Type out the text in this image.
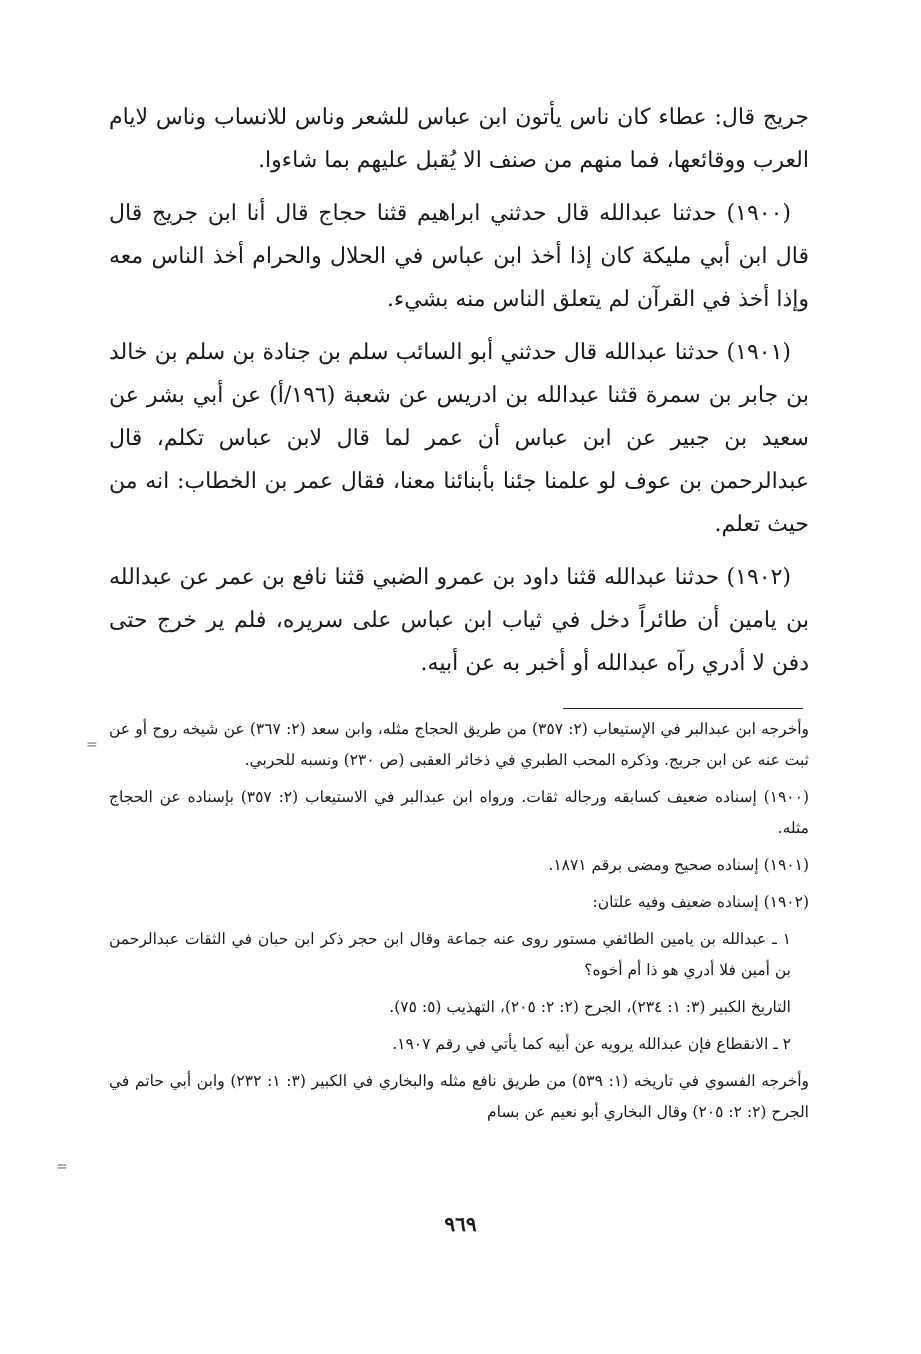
جريج قال: عطاء كان ناس يأتون ابن عباس للشعر وناس للانساب وناس لايام العرب ووقائعها، فما منهم من صنف الا يُقبل عليهم بما شاءوا.

(١٩٠٠) حدثنا عبدالله قال حدثني ابراهيم قثنا حجاج قال أنا ابن جريج قال قال ابن أبي مليكة كان إذا أخذ ابن عباس في الحلال والحرام أخذ الناس معه وإذا أخذ في القرآن لم يتعلق الناس منه بشيء.

(١٩٠١) حدثنا عبدالله قال حدثني أبو السائب سلم بن جنادة بن سلم بن خالد بن جابر بن سمرة قثنا عبدالله بن ادريس عن شعبة (١٩٦/أ) عن أبي بشر عن سعيد بن جبير عن ابن عباس أن عمر لما قال لابن عباس تكلم، قال عبدالرحمن بن عوف لو علمنا جئنا بأبنائنا معنا، فقال عمر بن الخطاب: انه من حيث تعلم.

(١٩٠٢) حدثنا عبدالله قثنا داود بن عمرو الضبي قثنا نافع بن عمر عن عبدالله بن يامين أن طائراً دخل في ثياب ابن عباس على سريره، فلم ير خرج حتى دفن لا أدري رآه عبدالله أو أخبر به عن أبيه.

وأخرجه ابن عبدالبر في الإستيعاب (٢: ٣٥٧) من طريق الحجاج مثله، وابن سعد (٢: ٣٦٧) عن شيخه روح أو عن ثبت عنه عن ابن جريج. وذكره المحب الطبري في ذخائر العقبى (ص ٢٣٠) ونسبه للحربي.

(١٩٠٠) إسناده ضعيف كسابقه ورجاله ثقات. ورواه ابن عبدالبر في الاستيعاب (٢: ٣٥٧) بإسناده عن الحجاج مثله.

(١٩٠١) إسناده صحيح ومضى برقم ١٨٧١.

(١٩٠٢) إسناده ضعيف وفيه علتان:

١ ـ عبدالله بن يامين الطائفي مستور روى عنه جماعة وقال ابن حجر ذكر ابن حبان في الثقات عبدالرحمن بن أمين فلا أدري هو ذا أم أخوه؟

التاريخ الكبير (٣: ١: ٢٣٤)، الجرح (٢: ٢: ٢٠٥)، التهذيب (٥: ٧٥).

٢ ـ الانقطاع فإن عبدالله يرويه عن أبيه كما يأتي في رقم ١٩٠٧.

وأخرجه الفسوي في تاريخه (١: ٥٣٩) من طريق نافع مثله والبخاري في الكبير (٣: ١: ٢٣٢) وابن أبي حاتم في الجرح (٢: ٢: ٢٠٥) وقال البخاري أبو نعيم عن بسام

=
=
٩٦٩
